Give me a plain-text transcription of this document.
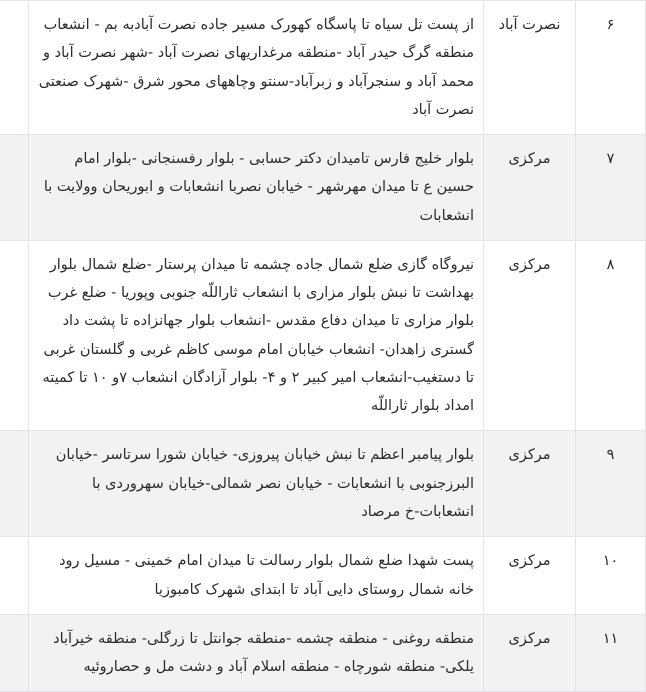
۶	نصرت آباد	از پست تل سیاه تا پاسگاه کهورک مسیر جاده نصرت آبادبه بم - انشعاب منطقه گرگ حیدر آباد -منطقه مرغداریهای نصرت آباد -شهر نصرت آباد و محمد آباد و سنجرآباد و زبرآباد-سنتو وچاههای محور شرق -شهرک صنعتی نصرت آباد	

۷	مرکزی	بلوار خلیج فارس تامیدان دکتر حسابی - بلوار رفسنجانی -بلوار امام حسین ع تا میدان مهرشهر - خیابان نصربا انشعابات و ابوریحان وولایت با انشعابات	

۸	مرکزی	نیروگاه گازی ضلع شمال جاده چشمه تا میدان پرستار -ضلع شمال بلوار بهداشت تا نبش بلوار مزاری با انشعاب ثاراللّه جنوبی وپوریا - ضلع غرب بلوار مزاری تا میدان دفاع مقدس -انشعاب بلوار جهانزاده تا پشت داد گستری زاهدان- انشعاب خیابان امام موسی کاظم غربی و گلستان غربی تا دستغیب-انشعاب امیر کبیر ۲ و ۴- بلوار آزادگان انشعاب ۷و ۱۰ تا کمیته امداد بلوار ثاراللّه	

۹	مرکزی	بلوار پیامبر اعظم تا نبش خیابان پیروزی- خیابان شورا سرتاسر -خیابان البرزجنوبی با انشعابات - خیابان نصر شمالی-خیابان سهروردی با انشعابات-خ مرصاد	

۱۰	مرکزی	پست شهدا ضلع شمال بلوار رسالت تا میدان امام خمینی - مسیل رود خانه شمال روستای دایی آباد تا ابتدای شهرک کامبوزیا	

۱۱	مرکزی	منطقه روغنی - منطقه چشمه -منطقه جوانتل تا زرگلی- منطقه خیرآباد یلکی- منطقه شورچاه - منطقه اسلام آباد و دشت مل و حصاروئیه	
